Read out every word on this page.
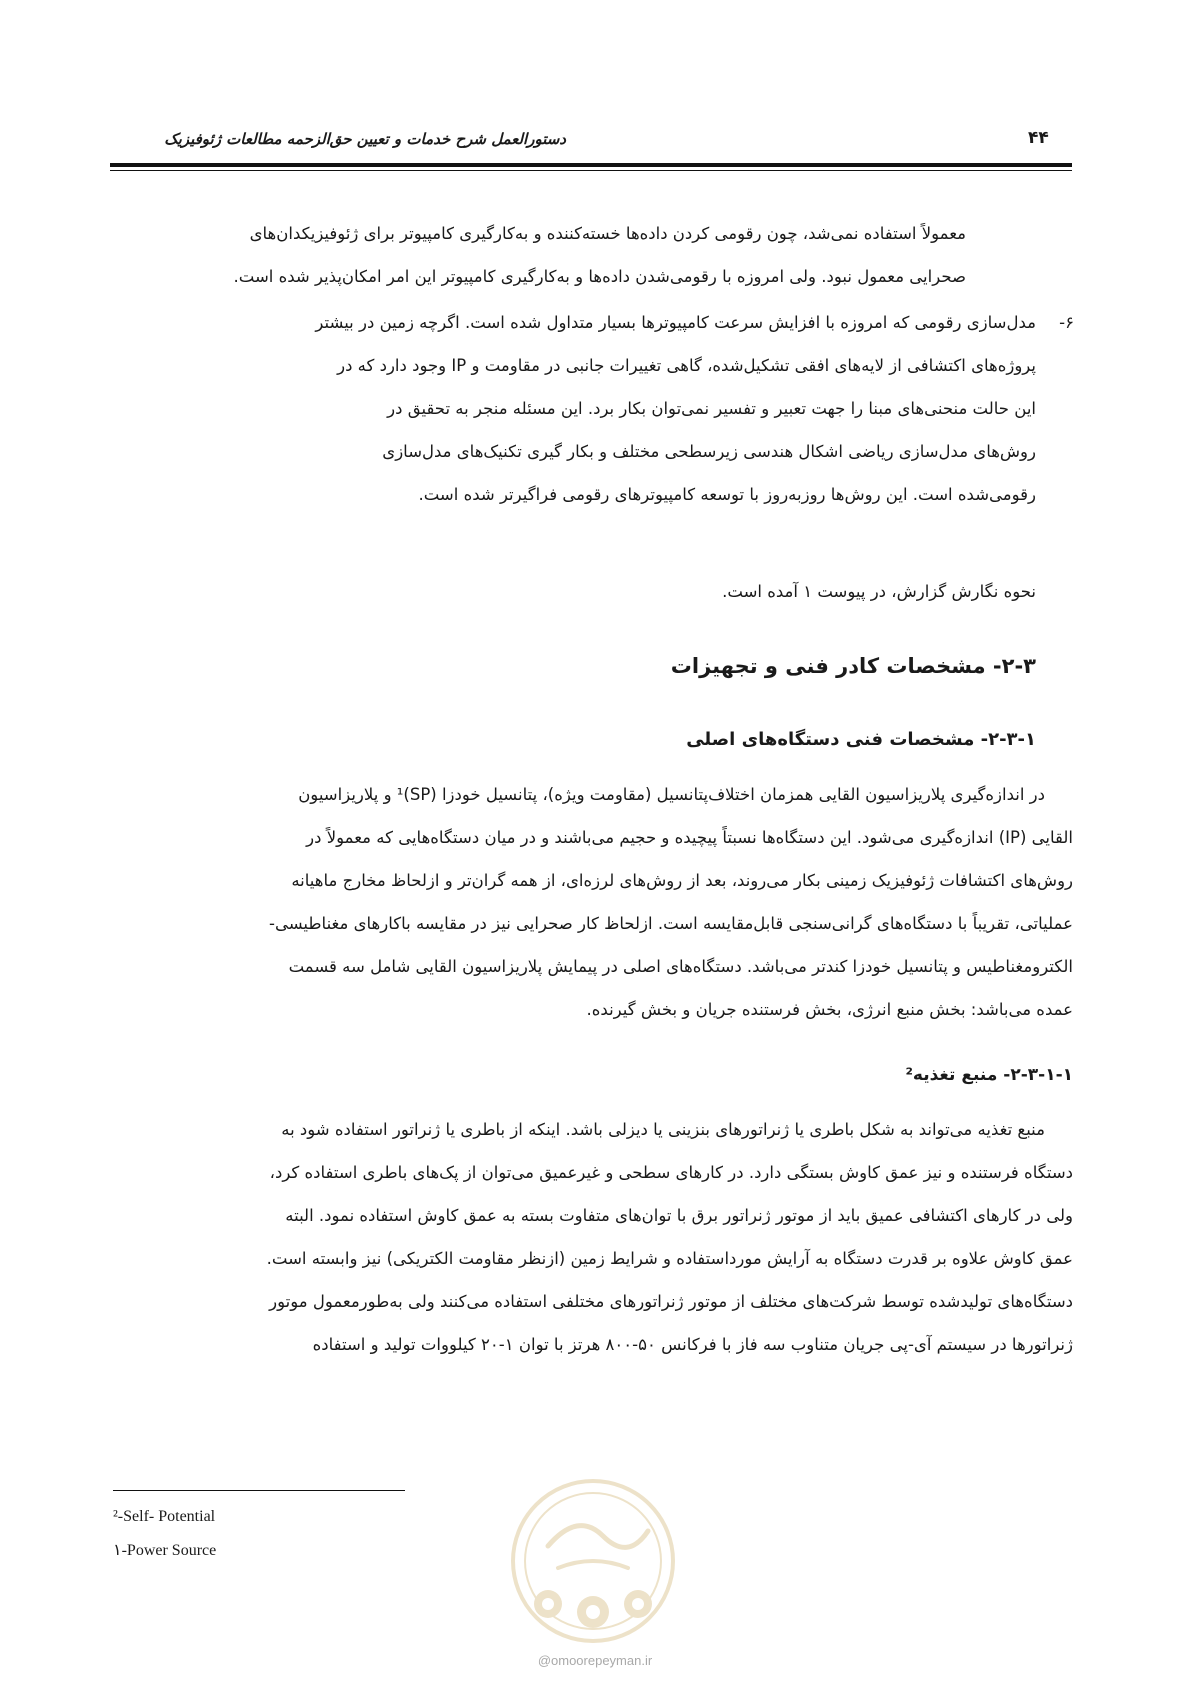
دستورالعمل شرح خدمات و تعیین حق‌الزحمه مطالعات ژئوفیزیک	۴۴

معمولاً استفاده نمی‌شد، چون رقومی کردن داده‌ها خسته‌کننده و به‌کارگیری کامپیوتر برای ژئوفیزیکدان‌های

صحرایی معمول نبود. ولی امروزه با رقومی‌شدن داده‌ها و به‌کارگیری کامپیوتر این امر امکان‌پذیر شده است.

۶-

مدل‌سازی رقومی که امروزه با افزایش سرعت کامپیوترها بسیار متداول شده است. اگرچه زمین در بیشتر

پروژه‌های اکتشافی از لایه‌های افقی تشکیل‌شده، گاهی تغییرات جانبی در مقاومت و IP وجود دارد که در

این حالت منحنی‌های مبنا را جهت تعبیر و تفسیر نمی‌توان بکار برد. این مسئله منجر به تحقیق در

روش‌های مدل‌سازی ریاضی اشکال هندسی زیرسطحی مختلف و بکار گیری تکنیک‌های مدل‌سازی

رقومی‌شده است. این روش‌ها روزبه‌روز با توسعه کامپیوترهای رقومی فراگیرتر شده است.

نحوه نگارش گزارش، در پیوست ۱ آمده است.
۲-۳- مشخصات کادر فنی و تجهیزات
۲-۳-۱- مشخصات فنی دستگاه‌های اصلی

در اندازه‌گیری پلاریزاسیون القایی همزمان اختلاف‌پتانسیل (مقاومت ویژه)، پتانسیل خودزا (SP)¹ و پلاریزاسیون

القایی (IP) اندازه‌گیری می‌شود. این دستگاه‌ها نسبتاً پیچیده و حجیم می‌باشند و در میان دستگاه‌هایی که معمولاً در

روش‌های اکتشافات ژئوفیزیک زمینی بکار می‌روند، بعد از روش‌های لرزه‌ای، از همه گران‌تر و ازلحاظ مخارج ماهیانه

عملیاتی، تقریباً با دستگاه‌های گرانی‌سنجی قابل‌مقایسه است. ازلحاظ کار صحرایی نیز در مقایسه باکارهای مغناطیسی-

الکترومغناطیس و پتانسیل خودزا کندتر می‌باشد. دستگاه‌های اصلی در پیمایش پلاریزاسیون القایی شامل سه قسمت

عمده می‌باشد: بخش منبع انرژی، بخش فرستنده جریان و بخش گیرنده.

۲-۳-۱-۱- منبع تغذیه²

منبع تغذیه می‌تواند به شکل باطری یا ژنراتورهای بنزینی یا دیزلی باشد. اینکه از باطری یا ژنراتور استفاده شود به

دستگاه فرستنده و نیز عمق کاوش بستگی دارد. در کارهای سطحی و غیرعمیق می‌توان از پک‌های باطری استفاده کرد،

ولی در کارهای اکتشافی عمیق باید از موتور ژنراتور برق با توان‌های متفاوت بسته به عمق کاوش استفاده نمود. البته

عمق کاوش علاوه بر قدرت دستگاه به آرایش مورداستفاده و شرایط زمین (ازنظر مقاومت الکتریکی) نیز وابسته است.

دستگاه‌های تولیدشده توسط شرکت‌های مختلف از موتور ژنراتورهای مختلفی استفاده می‌کنند ولی به‌طورمعمول موتور

ژنراتورها در سیستم آی-پی جریان متناوب سه فاز با فرکانس ۵۰-۸۰۰ هرتز با توان ۱-۲۰ کیلووات تولید و استفاده

²-Self- Potential
١-Power Source
@omoorepeyman.ir
